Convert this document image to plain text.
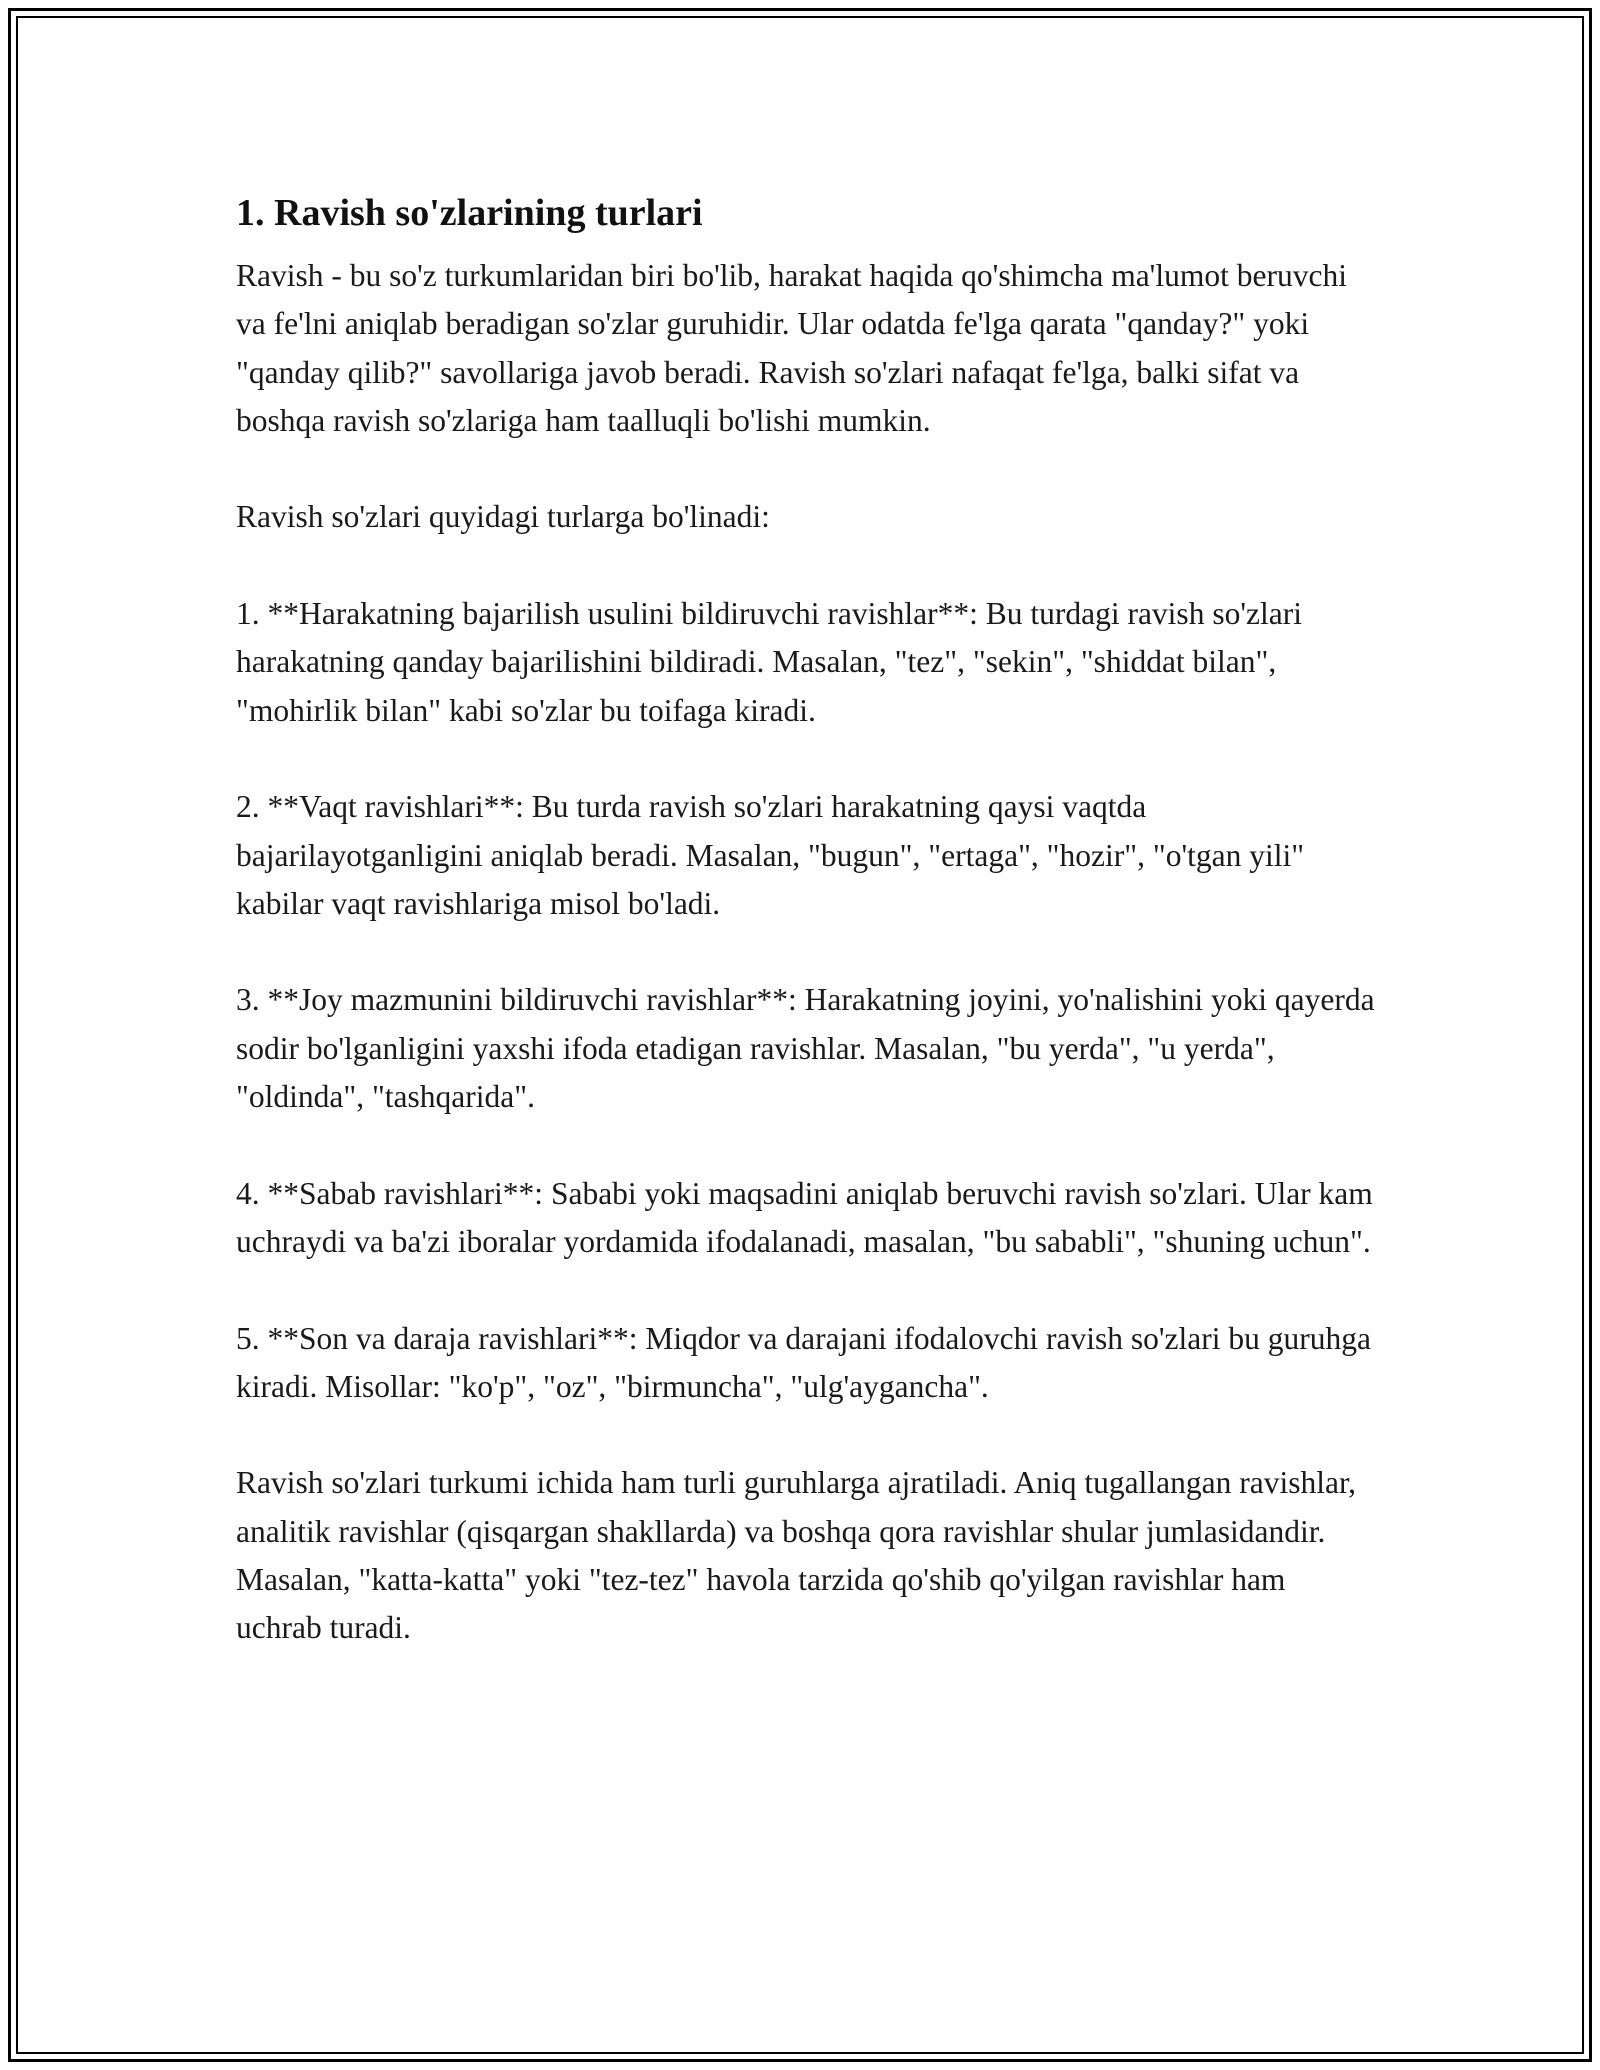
1. Ravish so'zlarining turlari

Ravish - bu so'z turkumlaridan biri bo'lib, harakat haqida qo'shimcha ma'lumot beruvchi va fe'lni aniqlab beradigan so'zlar guruhidir. Ular odatda fe'lga qarata "qanday?" yoki "qanday qilib?" savollariga javob beradi. Ravish so'zlari nafaqat fe'lga, balki sifat va boshqa ravish so'zlariga ham taalluqli bo'lishi mumkin.

Ravish so'zlari quyidagi turlarga bo'linadi:

1. **Harakatning bajarilish usulini bildiruvchi ravishlar**: Bu turdagi ravish so'zlari harakatning qanday bajarilishini bildiradi. Masalan, "tez", "sekin", "shiddat bilan", "mohirlik bilan" kabi so'zlar bu toifaga kiradi.

2. **Vaqt ravishlari**: Bu turda ravish so'zlari harakatning qaysi vaqtda bajarilayotganligini aniqlab beradi. Masalan, "bugun", "ertaga", "hozir", "o'tgan yili" kabilar vaqt ravishlariga misol bo'ladi.

3. **Joy mazmunini bildiruvchi ravishlar**: Harakatning joyini, yo'nalishini yoki qayerda sodir bo'lganligini yaxshi ifoda etadigan ravishlar. Masalan, "bu yerda", "u yerda", "oldinda", "tashqarida".

4. **Sabab ravishlari**: Sababi yoki maqsadini aniqlab beruvchi ravish so'zlari. Ular kam uchraydi va ba'zi iboralar yordamida ifodalanadi, masalan, "bu sababli", "shuning uchun".

5. **Son va daraja ravishlari**: Miqdor va darajani ifodalovchi ravish so'zlari bu guruhga kiradi. Misollar: "ko'p", "oz", "birmuncha", "ulg'aygancha".

Ravish so'zlari turkumi ichida ham turli guruhlarga ajratiladi. Aniq tugallangan ravishlar, analitik ravishlar (qisqargan shakllarda) va boshqa qora ravishlar shular jumlasidandir. Masalan, "katta-katta" yoki "tez-tez" havola tarzida qo'shib qo'yilgan ravishlar ham uchrab turadi.
